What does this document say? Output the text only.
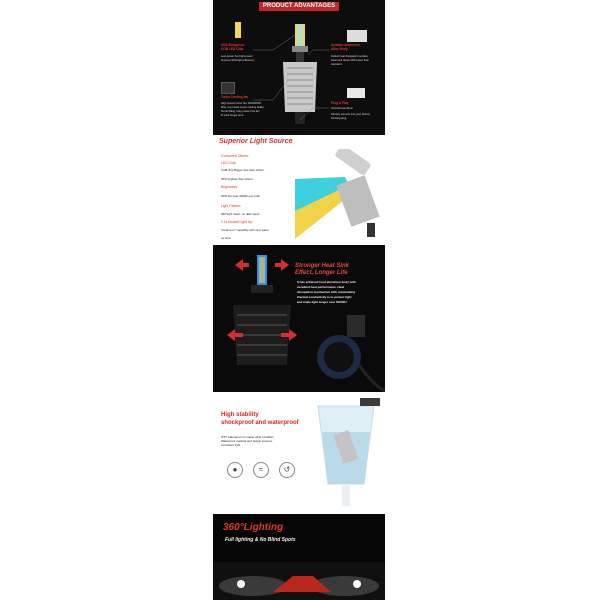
PRODUCT ADVANTAGES
USA BridgeLux
COB LED Chip
Low-power but high-power
Improve 90% light efficiency
Aviation Aluminum
Alloy Body
Fullest heat dissipation surface
Heat sink drops 20% lower than
standard.
Turbo Cooling fan
High speed motor fan 13000RPM
Max. to provide super cooling ability.
No oil fitting, help protect the fan
lit work longer time.
Plug & Play
Anti-thermal driver
Directly connect into your factory
housing plug.
Superior Light Source
Compared Others:
LED Chip:
COB chip Bigger size than others.
30% brighter than others
Brightness:
30W but near 4000lm per bulb
Light Pattern:
360°light beam, no dark spots
0.1s Instant Light Up:
"instant-on" capability with zero warm
up time
Stronger Heat Sink
Effect, Longer Life
It has achieved hard aluminum body with
excellent heat performance. Heat
dissipation mechanism with outstanding
thermal conductivity is to protect light
and make light longer over 50000H
High stability
shockproof and waterproof
IP67 waterproof no matter what condition
Waterproof material and design ensures
consistent light.
●	≈	↺
360°Lighting
Full lighting & No Blind Spots
